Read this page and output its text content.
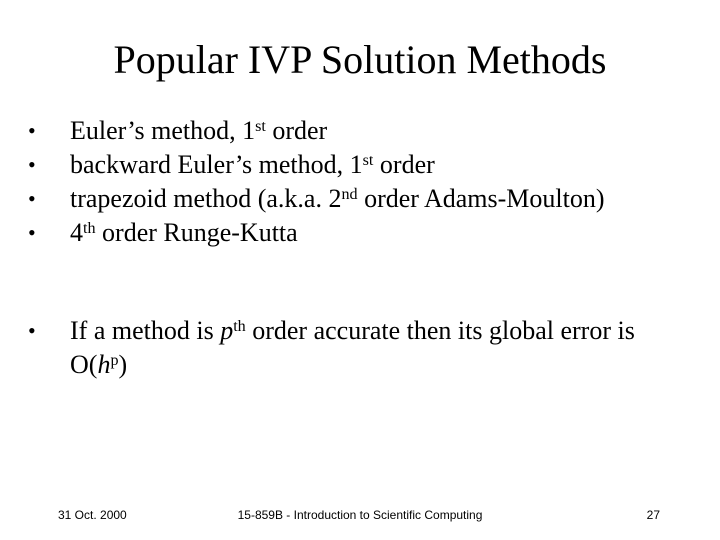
Popular IVP Solution Methods
• Euler’s method, 1st order
• backward Euler’s method, 1st order
• trapezoid method (a.k.a. 2nd order Adams-Moulton)
• 4th order Runge-Kutta
• If a method is $p^{th}$ order accurate then its global error is
$O(h^p)$
31 Oct. 2000	15-859B - Introduction to Scientific Computing	27
